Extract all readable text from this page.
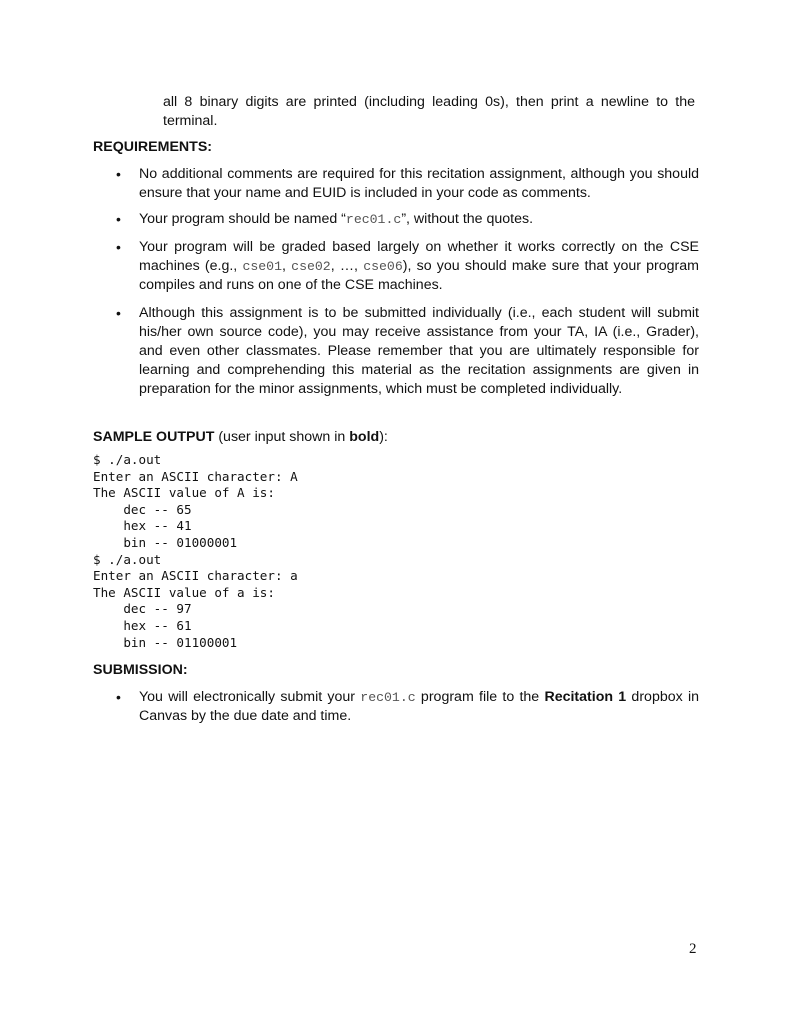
all 8 binary digits are printed (including leading 0s), then print a newline to the terminal.

REQUIREMENTS:

• No additional comments are required for this recitation assignment, although you should ensure that your name and EUID is included in your code as comments.

• Your program should be named “rec01.c”, without the quotes.

• Your program will be graded based largely on whether it works correctly on the CSE machines (e.g., cse01, cse02, …, cse06), so you should make sure that your program compiles and runs on one of the CSE machines.

• Although this assignment is to be submitted individually (i.e., each student will submit his/her own source code), you may receive assistance from your TA, IA (i.e., Grader), and even other classmates. Please remember that you are ultimately responsible for learning and comprehending this material as the recitation assignments are given in preparation for the minor assignments, which must be completed individually.

SAMPLE OUTPUT (user input shown in bold):

$ ./a.out
Enter an ASCII character: A
The ASCII value of A is:
dec -- 65
hex -- 41
bin -- 01000001
$ ./a.out
Enter an ASCII character: a
The ASCII value of a is:
dec -- 97
hex -- 61
bin -- 01100001

SUBMISSION:

• You will electronically submit your rec01.c program file to the Recitation 1 dropbox in Canvas by the due date and time.

2
